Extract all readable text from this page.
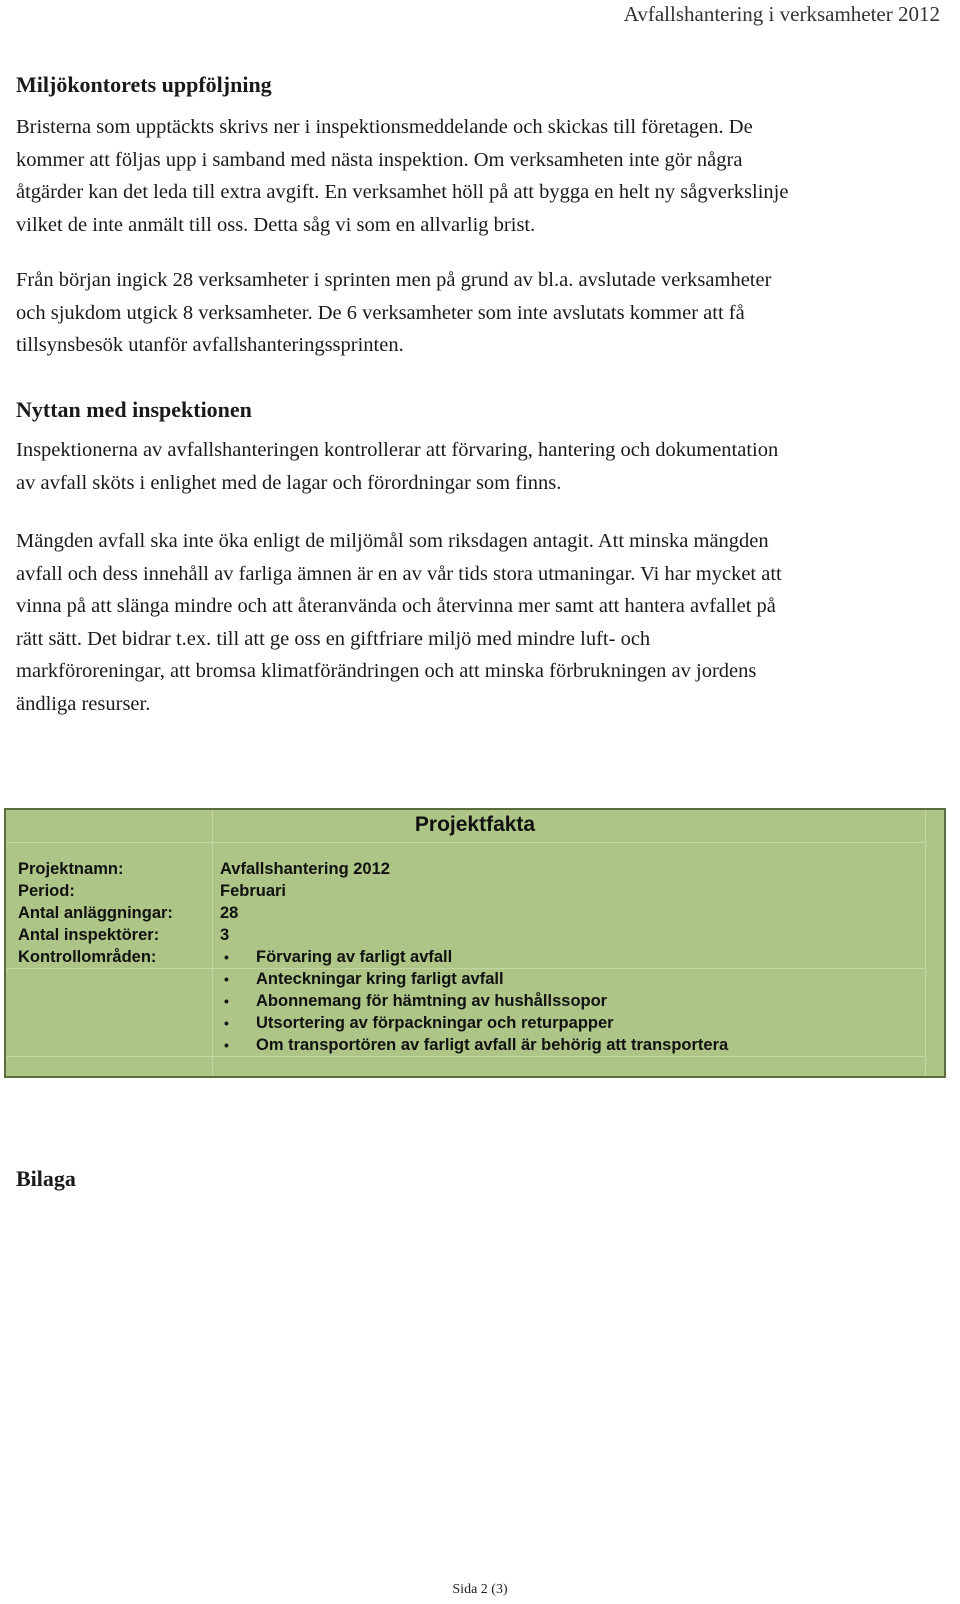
Avfallshantering i verksamheter 2012
Miljökontorets uppföljning
Bristerna som upptäckts skrivs ner i inspektionsmeddelande och skickas till företagen. De
kommer att följas upp i samband med nästa inspektion. Om verksamheten inte gör några
åtgärder kan det leda till extra avgift. En verksamhet höll på att bygga en helt ny sågverkslinje
vilket de inte anmält till oss. Detta såg vi som en allvarlig brist.
Från början ingick 28 verksamheter i sprinten men på grund av bl.a. avslutade verksamheter
och sjukdom utgick 8 verksamheter. De 6 verksamheter som inte avslutats kommer att få
tillsynsbesök utanför avfallshanteringssprinten.
Nyttan med inspektionen
Inspektionerna av avfallshanteringen kontrollerar att förvaring, hantering och dokumentation
av avfall sköts i enlighet med de lagar och förordningar som finns.
Mängden avfall ska inte öka enligt de miljömål som riksdagen antagit. Att minska mängden
avfall och dess innehåll av farliga ämnen är en av vår tids stora utmaningar. Vi har mycket att
vinna på att slänga mindre och att återanvända och återvinna mer samt att hantera avfallet på
rätt sätt. Det bidrar t.ex. till att ge oss en giftfriare miljö med mindre luft- och
markföroreningar, att bromsa klimatförändringen och att minska förbrukningen av jordens
ändliga resurser.
Projektfakta
Projektnamn:	Avfallshantering 2012
Period:	Februari
Antal anläggningar:	28
Antal inspektörer:	3
Kontrollområden:	• Förvaring av farligt avfall
• Anteckningar kring farligt avfall
• Abonnemang för hämtning av hushållssopor
• Utsortering av förpackningar och returpapper
• Om transportören av farligt avfall är behörig att transportera
Bilaga
Sida 2 (3)
